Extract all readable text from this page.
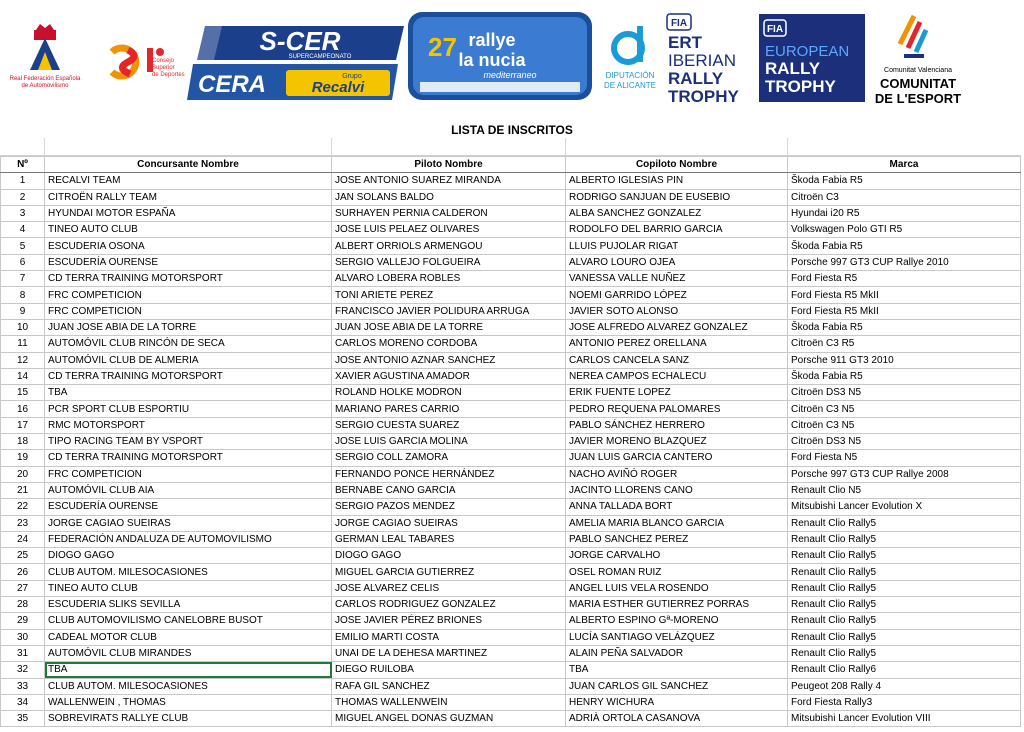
Real Federación Española
de Automovilismo
Consejo
Superior
de Deportes
S-CER
SUPERCAMPEONATO
CERA	Grupo
Recalvi
27 rallye
la nucia
mediterraneo	DIPUTACIÓN
DE ALICANTE
FIA
ERT
IBERIAN
RALLY
TROPHY
FIA
EUROPEAN
RALLY
TROPHY
Comunitat Valenciana
COMUNITAT
DE L'ESPORT
LISTA DE INSCRITOS
Nº	Concursante Nombre	Piloto Nombre	Copiloto Nombre	Marca
1	RECALVI TEAM	JOSE ANTONIO SUAREZ MIRANDA	ALBERTO IGLESIAS PIN	Škoda Fabia R5
2	CITROËN RALLY TEAM	JAN SOLANS BALDO	RODRIGO SANJUAN DE EUSEBIO	Citroën C3
3	HYUNDAI MOTOR ESPAÑA	SURHAYEN PERNIA CALDERON	ALBA SANCHEZ GONZALEZ	Hyundai i20 R5
4	TINEO AUTO CLUB	JOSE LUIS PELAEZ OLIVARES	RODOLFO DEL BARRIO GARCIA	Volkswagen Polo GTI R5
5	ESCUDERIA OSONA	ALBERT ORRIOLS ARMENGOU	LLUIS PUJOLAR RIGAT	Škoda Fabia R5
6	ESCUDERÍA OURENSE	SERGIO VALLEJO FOLGUEIRA	ALVARO LOURO OJEA	Porsche 997 GT3 CUP Rallye 2010
7	CD TERRA TRAINING MOTORSPORT	ALVARO LOBERA ROBLES	VANESSA VALLE NUÑEZ	Ford Fiesta R5
8	FRC COMPETICION	TONI ARIETE PEREZ	NOEMI GARRIDO LÓPEZ	Ford Fiesta R5 MkII
9	FRC COMPETICION	FRANCISCO JAVIER POLIDURA ARRUGA	JAVIER SOTO ALONSO	Ford Fiesta R5 MkII
10	JUAN JOSE ABIA DE LA TORRE	JUAN JOSE ABIA DE LA TORRE	JOSE ALFREDO ALVAREZ GONZALEZ	Škoda Fabia R5
11	AUTOMÓVIL CLUB RINCÓN DE SECA	CARLOS MORENO CORDOBA	ANTONIO PEREZ ORELLANA	Citroën C3 R5
12	AUTOMÓVIL CLUB DE ALMERIA	JOSE ANTONIO AZNAR SANCHEZ	CARLOS CANCELA SANZ	Porsche 911 GT3 2010
14	CD TERRA TRAINING MOTORSPORT	XAVIER AGUSTINA AMADOR	NEREA CAMPOS ECHALECU	Škoda Fabia R5
15	TBA	ROLAND HOLKE MODRON	ERIK FUENTE LOPEZ	Citroën DS3 N5
16	PCR SPORT CLUB ESPORTIU	MARIANO PARES CARRIO	PEDRO REQUENA PALOMARES	Citroën C3 N5
17	RMC MOTORSPORT	SERGIO CUESTA SUAREZ	PABLO SÁNCHEZ HERRERO	Citroën C3 N5
18	TIPO RACING TEAM BY VSPORT	JOSE LUIS GARCIA MOLINA	JAVIER MORENO BLAZQUEZ	Citroën DS3 N5
19	CD TERRA TRAINING MOTORSPORT	SERGIO COLL ZAMORA	JUAN LUIS GARCIA CANTERO	Ford Fiesta N5
20	FRC COMPETICION	FERNANDO PONCE HERNÁNDEZ	NACHO AVIÑÓ ROGER	Porsche 997 GT3 CUP Rallye 2008
21	AUTOMÓVIL CLUB AIA	BERNABE CANO GARCIA	JACINTO LLORENS CANO	Renault Clio N5
22	ESCUDERÍA OURENSE	SERGIO PAZOS MENDEZ	ANNA TALLADA BORT	Mitsubishi Lancer Evolution X
23	JORGE CAGIAO SUEIRAS	JORGE CAGIAO SUEIRAS	AMELIA MARIA BLANCO GARCIA	Renault Clio Rally5
24	FEDERACIÓN ANDALUZA DE AUTOMOVILISMO	GERMAN LEAL TABARES	PABLO SANCHEZ PEREZ	Renault Clio Rally5
25	DIOGO GAGO	DIOGO GAGO	JORGE CARVALHO	Renault Clio Rally5
26	CLUB AUTOM. MILESOCASIONES	MIGUEL GARCIA GUTIERREZ	OSEL ROMAN RUIZ	Renault Clio Rally5
27	TINEO AUTO CLUB	JOSE ALVAREZ CELIS	ANGEL LUIS VELA ROSENDO	Renault Clio Rally5
28	ESCUDERIA SLIKS SEVILLA	CARLOS RODRIGUEZ GONZALEZ	MARIA ESTHER GUTIERREZ PORRAS	Renault Clio Rally5
29	CLUB AUTOMOVILISMO CANELOBRE BUSOT	JOSE JAVIER PÉREZ BRIONES	ALBERTO ESPINO Gª-MORENO	Renault Clio Rally5
30	CADEAL MOTOR CLUB	EMILIO MARTI COSTA	LUCÍA SANTIAGO VELÁZQUEZ	Renault Clio Rally5
31	AUTOMÓVIL CLUB MIRANDES	UNAI DE LA DEHESA MARTINEZ	ALAIN PEÑA SALVADOR	Renault Clio Rally5
32	TBA	DIEGO RUILOBA	TBA	Renault Clio Rally6
33	CLUB AUTOM. MILESOCASIONES	RAFA GIL SANCHEZ	JUAN CARLOS GIL SANCHEZ	Peugeot 208 Rally 4
34	WALLENWEIN , THOMAS	THOMAS WALLENWEIN	HENRY WICHURA	Ford Fiesta Rally3
35	SOBREVIRATS RALLYE CLUB	MIGUEL ANGEL DONAS GUZMAN	ADRIÀ ORTOLA CASANOVA	Mitsubishi Lancer Evolution VIII
